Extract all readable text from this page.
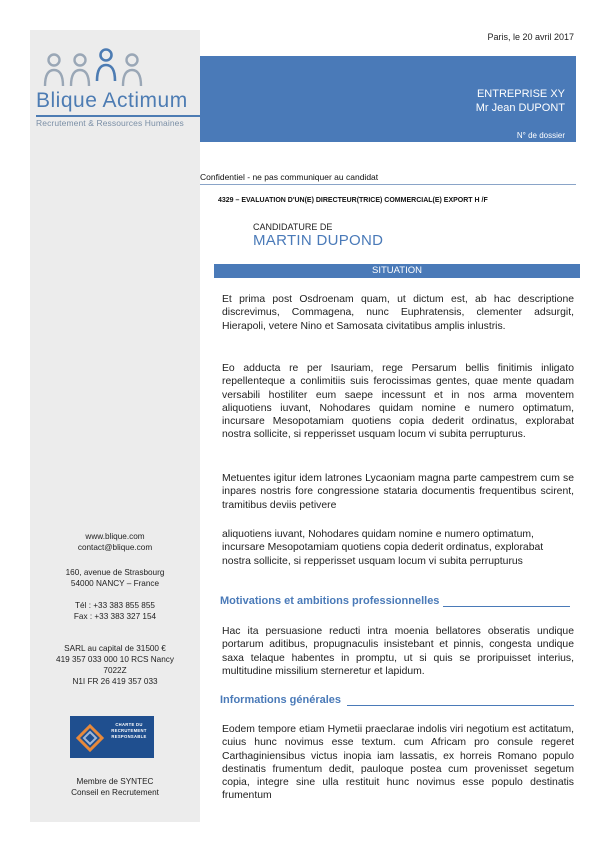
Blique Actimum
Recrutement & Ressources Humaines
www.blique.com
contact@blique.com
160, avenue de Strasbourg
54000 NANCY – France
Tél : +33 383 855 855
Fax : +33 383 327 154
SARL au capital de 31500 €
419 357 033 000 10 RCS Nancy
7022Z
N1I FR 26 419 357 033
CHARTE DU
RECRUTEMENT
RESPONSABLE
Membre de SYNTEC
Conseil en Recrutement
Paris, le 20 avril 2017
ENTREPRISE XY
Mr Jean DUPONT
N° de dossier
Confidentiel - ne pas communiquer au candidat
4329 – EVALUATION D'UN(E) DIRECTEUR(TRICE) COMMERCIAL(E) EXPORT H /F
CANDIDATURE DE
MARTIN DUPOND
SITUATION

Et prima post Osdroenam quam, ut dictum est, ab hac descriptione discrevimus, Commagena, nunc Euphratensis, clementer adsurgit, Hierapoli, vetere Nino et Samosata civitatibus amplis inlustris.

Eo adducta re per Isauriam, rege Persarum bellis finitimis inligato repellenteque a conlimitiis suis ferocissimas gentes, quae mente quadam versabili hostiliter eum saepe incessunt et in nos arma moventem aliquotiens iuvant, Nohodares quidam nomine e numero optimatum, incursare Mesopotamiam quotiens copia dederit ordinatus, explorabat nostra sollicite, si repperisset usquam locum vi subita perrupturus.

Metuentes igitur idem latrones Lycaoniam magna parte campestrem cum se inpares nostris fore congressione stataria documentis frequentibus scirent, tramitibus deviis petivere

aliquotiens iuvant, Nohodares quidam nomine e numero optimatum, incursare Mesopotamiam quotiens copia dederit ordinatus, explorabat nostra sollicite, si repperisset usquam locum vi subita perruptur​us

Motivations et ambitions professionnelles

Hac ita persuasione reducti intra moenia bellatores obseratis undique portarum aditibus, propugnaculis insistebant et pinnis, congesta undique saxa telaque habentes in promptu, ut si quis se proripuisset interius, multitudine missilium sterneretur et lapidum.

Informations générales

Eodem tempore etiam Hymetii praeclarae indolis viri negotium est actitatum, cuius hunc novimus esse textum. cum Africam pro consule regeret Carthaginiensibus victus inopia iam lassatis, ex horreis Romano populo destinatis frumentum dedit, pauloque postea cum provenisset segetum copia, integre sine ulla restituit hunc novimus esse populo destinatis frumentum
